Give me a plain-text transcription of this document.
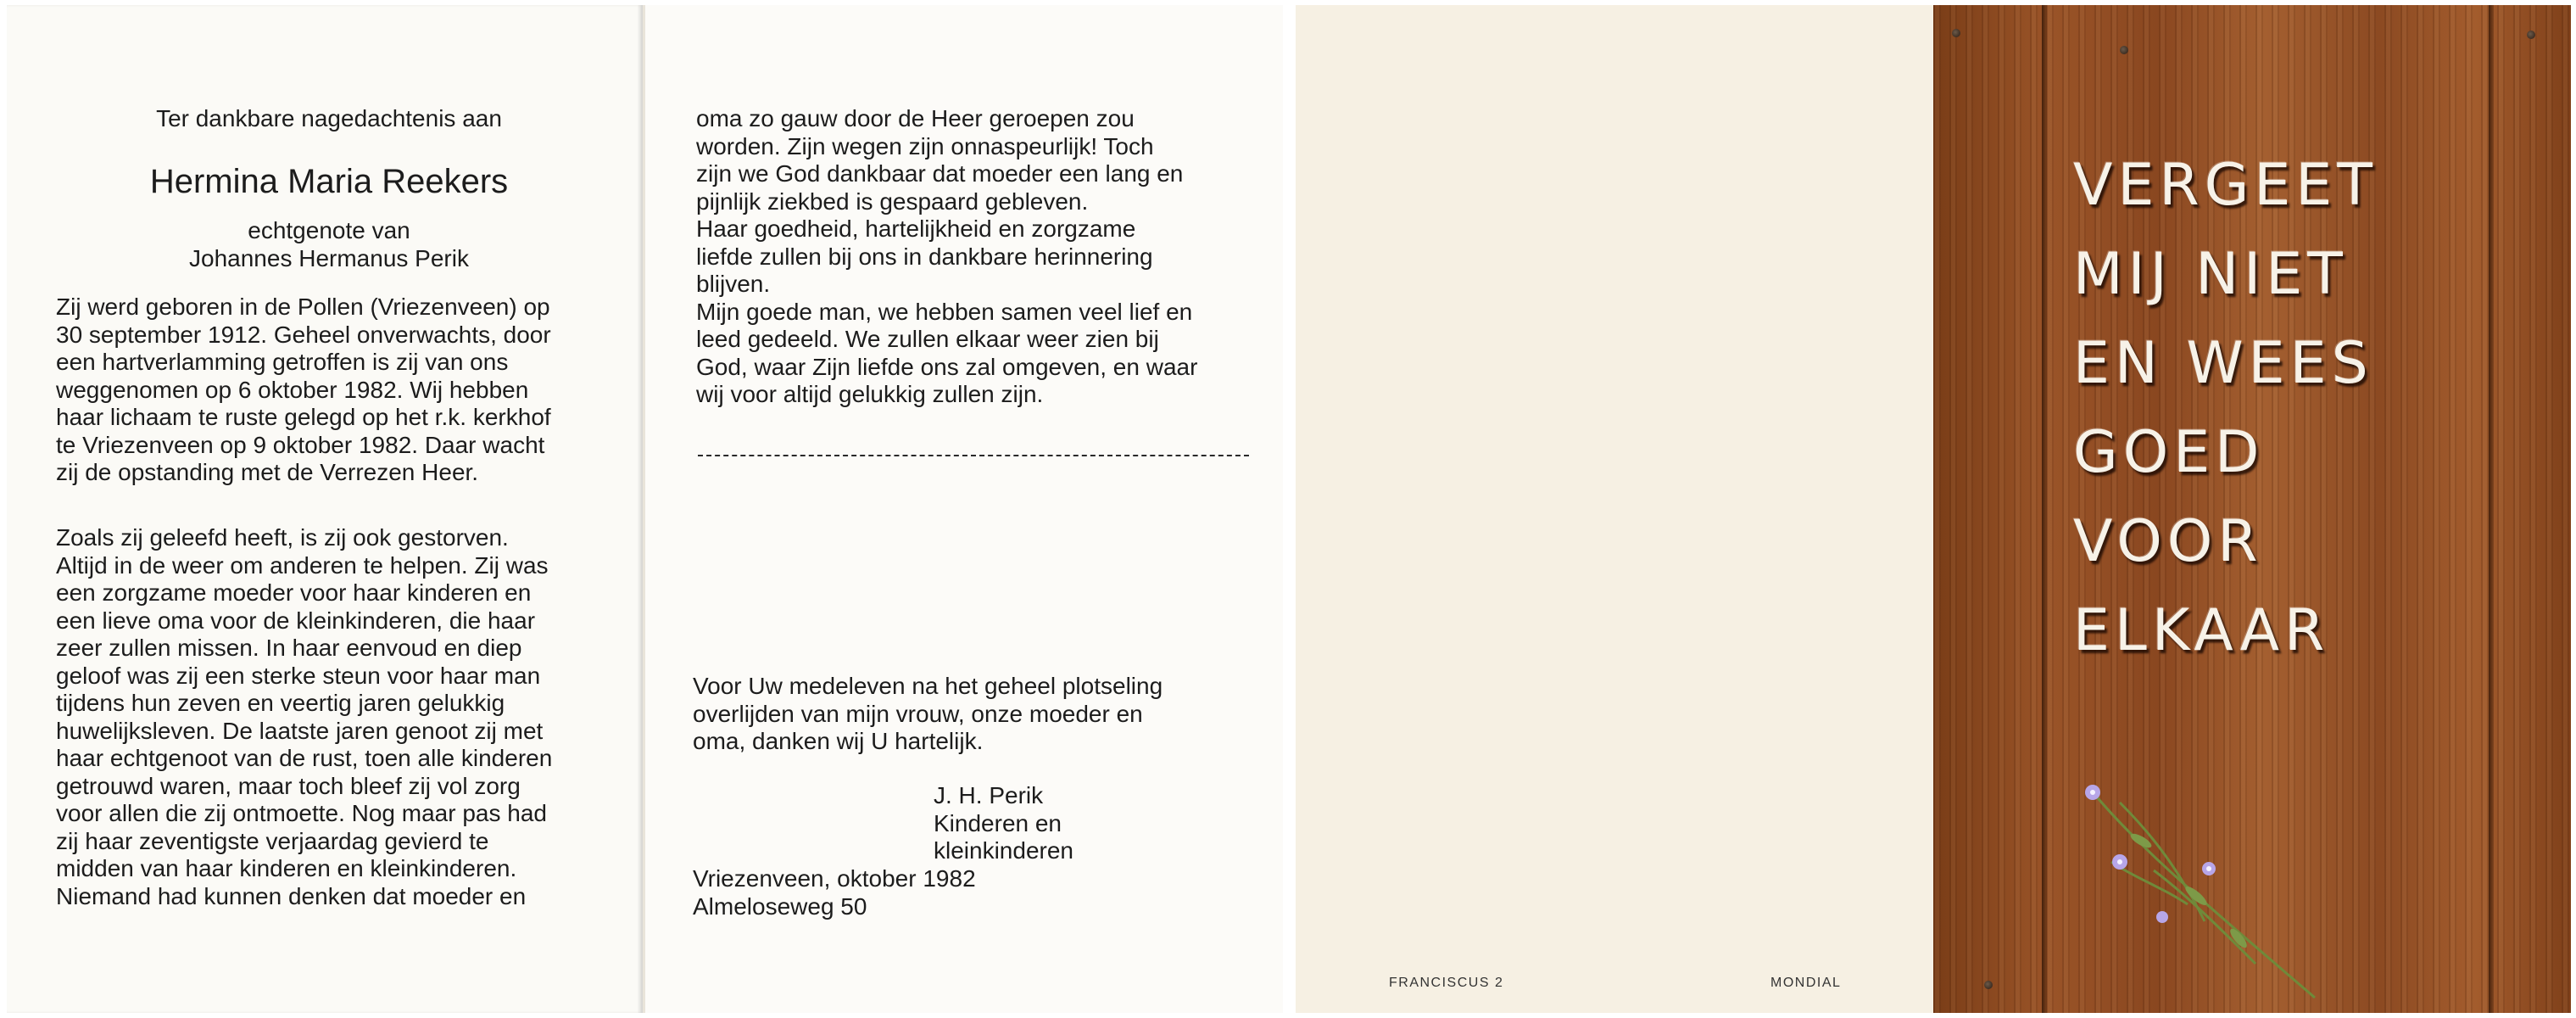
Ter dankbare nagedachtenis aan
Hermina Maria Reekers
echtgenote van
Johannes Hermanus Perik

Zij werd geboren in de Pollen (Vriezenveen) op

30 september 1912. Geheel onverwachts, door

een hartverlamming getroffen is zij van ons

weggenomen op 6 oktober 1982. Wij hebben

haar lichaam te ruste gelegd op het r.k. kerkhof

te Vriezenveen op 9 oktober 1982. Daar wacht

zij de opstanding met de Verrezen Heer.

Zoals zij geleefd heeft, is zij ook gestorven.

Altijd in de weer om anderen te helpen. Zij was

een zorgzame moeder voor haar kinderen en

een lieve oma voor de kleinkinderen, die haar

zeer zullen missen. In haar eenvoud en diep

geloof was zij een sterke steun voor haar man

tijdens hun zeven en veertig jaren gelukkig

huwelijksleven. De laatste jaren genoot zij met

haar echtgenoot van de rust, toen alle kinderen

getrouwd waren, maar toch bleef zij vol zorg

voor allen die zij ontmoette. Nog maar pas had

zij haar zeventigste verjaardag gevierd te

midden van haar kinderen en kleinkinderen.

Niemand had kunnen denken dat moeder en

oma zo gauw door de Heer geroepen zou

worden. Zijn wegen zijn onnaspeurlijk! Toch

zijn we God dankbaar dat moeder een lang en

pijnlijk ziekbed is gespaard gebleven.

Haar goedheid, hartelijkheid en zorgzame

liefde zullen bij ons in dankbare herinnering

blijven.

Mijn goede man, we hebben samen veel lief en

leed gedeeld. We zullen elkaar weer zien bij

God, waar Zijn liefde ons zal omgeven, en waar

wij voor altijd gelukkig zullen zijn.

Voor Uw medeleven na het geheel plotseling

overlijden van mijn vrouw, onze moeder en

oma, danken wij U hartelijk.

J. H. Perik
Kinderen en
kleinkinderen
Vriezenveen, oktober 1982
Almeloseweg 50
FRANCISCUS 2	MONDIAL
VERGEET
MIJ NIET
EN WEES
GOED
VOOR
ELKAAR
